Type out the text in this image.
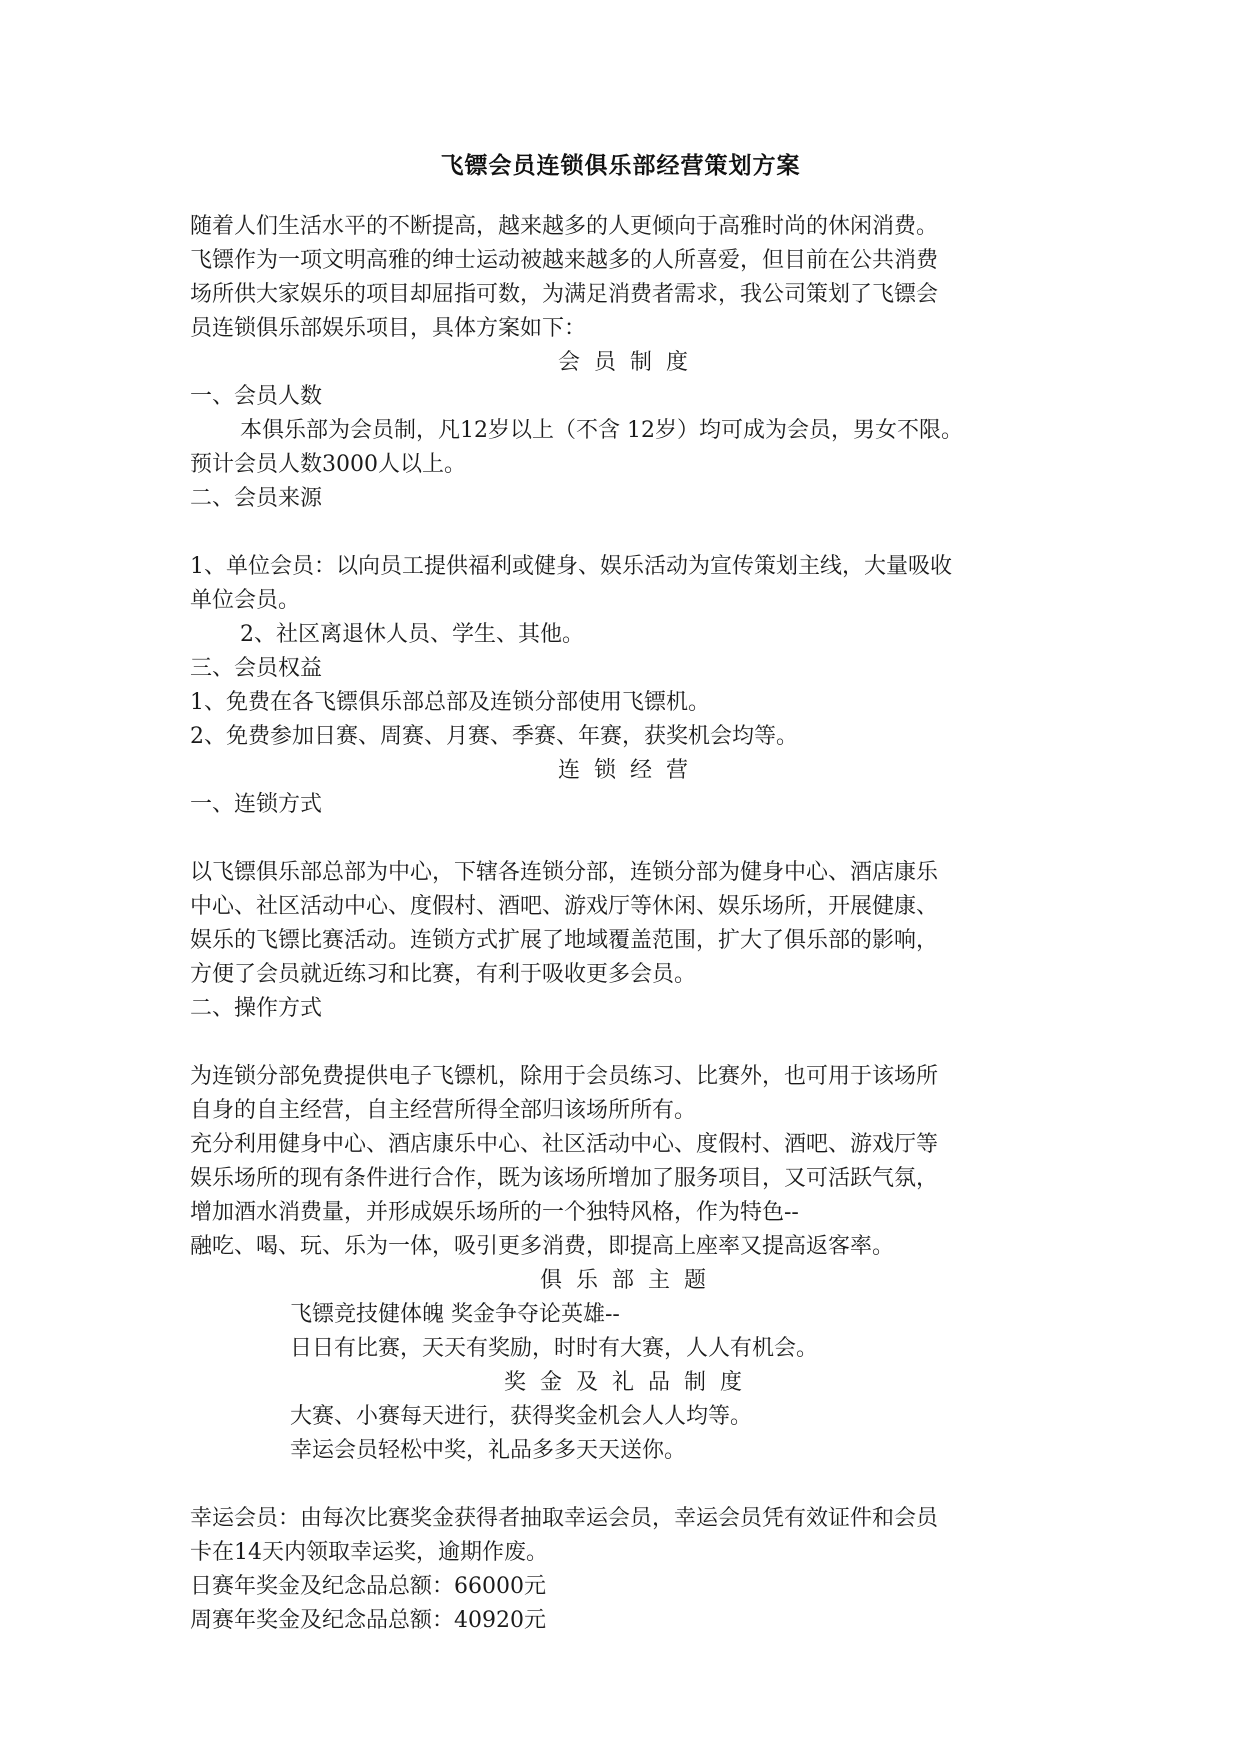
飞镖会员连锁俱乐部经营策划方案

随着人们生活水平的不断提高，越来越多的人更倾向于高雅时尚的休闲消费。

飞镖作为一项文明高雅的绅士运动被越来越多的人所喜爱，但目前在公共消费

场所供大家娱乐的项目却屈指可数，为满足消费者需求，我公司策划了飞镖会

员连锁俱乐部娱乐项目，具体方案如下：

会员制度

一、会员人数

本俱乐部为会员制，凡12岁以上（不含 12岁）均可成为会员，男女不限。

预计会员人数3000人以上。

二、会员来源

1、单位会员：以向员工提供福利或健身、娱乐活动为宣传策划主线，大量吸收

单位会员。

2、社区离退休人员、学生、其他。

三、会员权益

1、免费在各飞镖俱乐部总部及连锁分部使用飞镖机。

2、免费参加日赛、周赛、月赛、季赛、年赛，获奖机会均等。

连锁经营

一、连锁方式

以飞镖俱乐部总部为中心，下辖各连锁分部，连锁分部为健身中心、酒店康乐

中心、社区活动中心、度假村、酒吧、游戏厅等休闲、娱乐场所，开展健康、

娱乐的飞镖比赛活动。连锁方式扩展了地域覆盖范围，扩大了俱乐部的影响，

方便了会员就近练习和比赛，有利于吸收更多会员。

二、操作方式

为连锁分部免费提供电子飞镖机，除用于会员练习、比赛外，也可用于该场所

自身的自主经营，自主经营所得全部归该场所所有。

充分利用健身中心、酒店康乐中心、社区活动中心、度假村、酒吧、游戏厅等

娱乐场所的现有条件进行合作，既为该场所增加了服务项目，又可活跃气氛，

增加酒水消费量，并形成娱乐场所的一个独特风格，作为特色--

融吃、喝、玩、乐为一体，吸引更多消费，即提高上座率又提高返客率。

俱乐部主题

飞镖竞技健体魄 奖金争夺论英雄--

日日有比赛，天天有奖励，时时有大赛，人人有机会。

奖金及礼品制度

大赛、小赛每天进行，获得奖金机会人人均等。

幸运会员轻松中奖，礼品多多天天送你。

幸运会员：由每次比赛奖金获得者抽取幸运会员，幸运会员凭有效证件和会员

卡在14天内领取幸运奖，逾期作废。

日赛年奖金及纪念品总额：66000元

周赛年奖金及纪念品总额：40920元
